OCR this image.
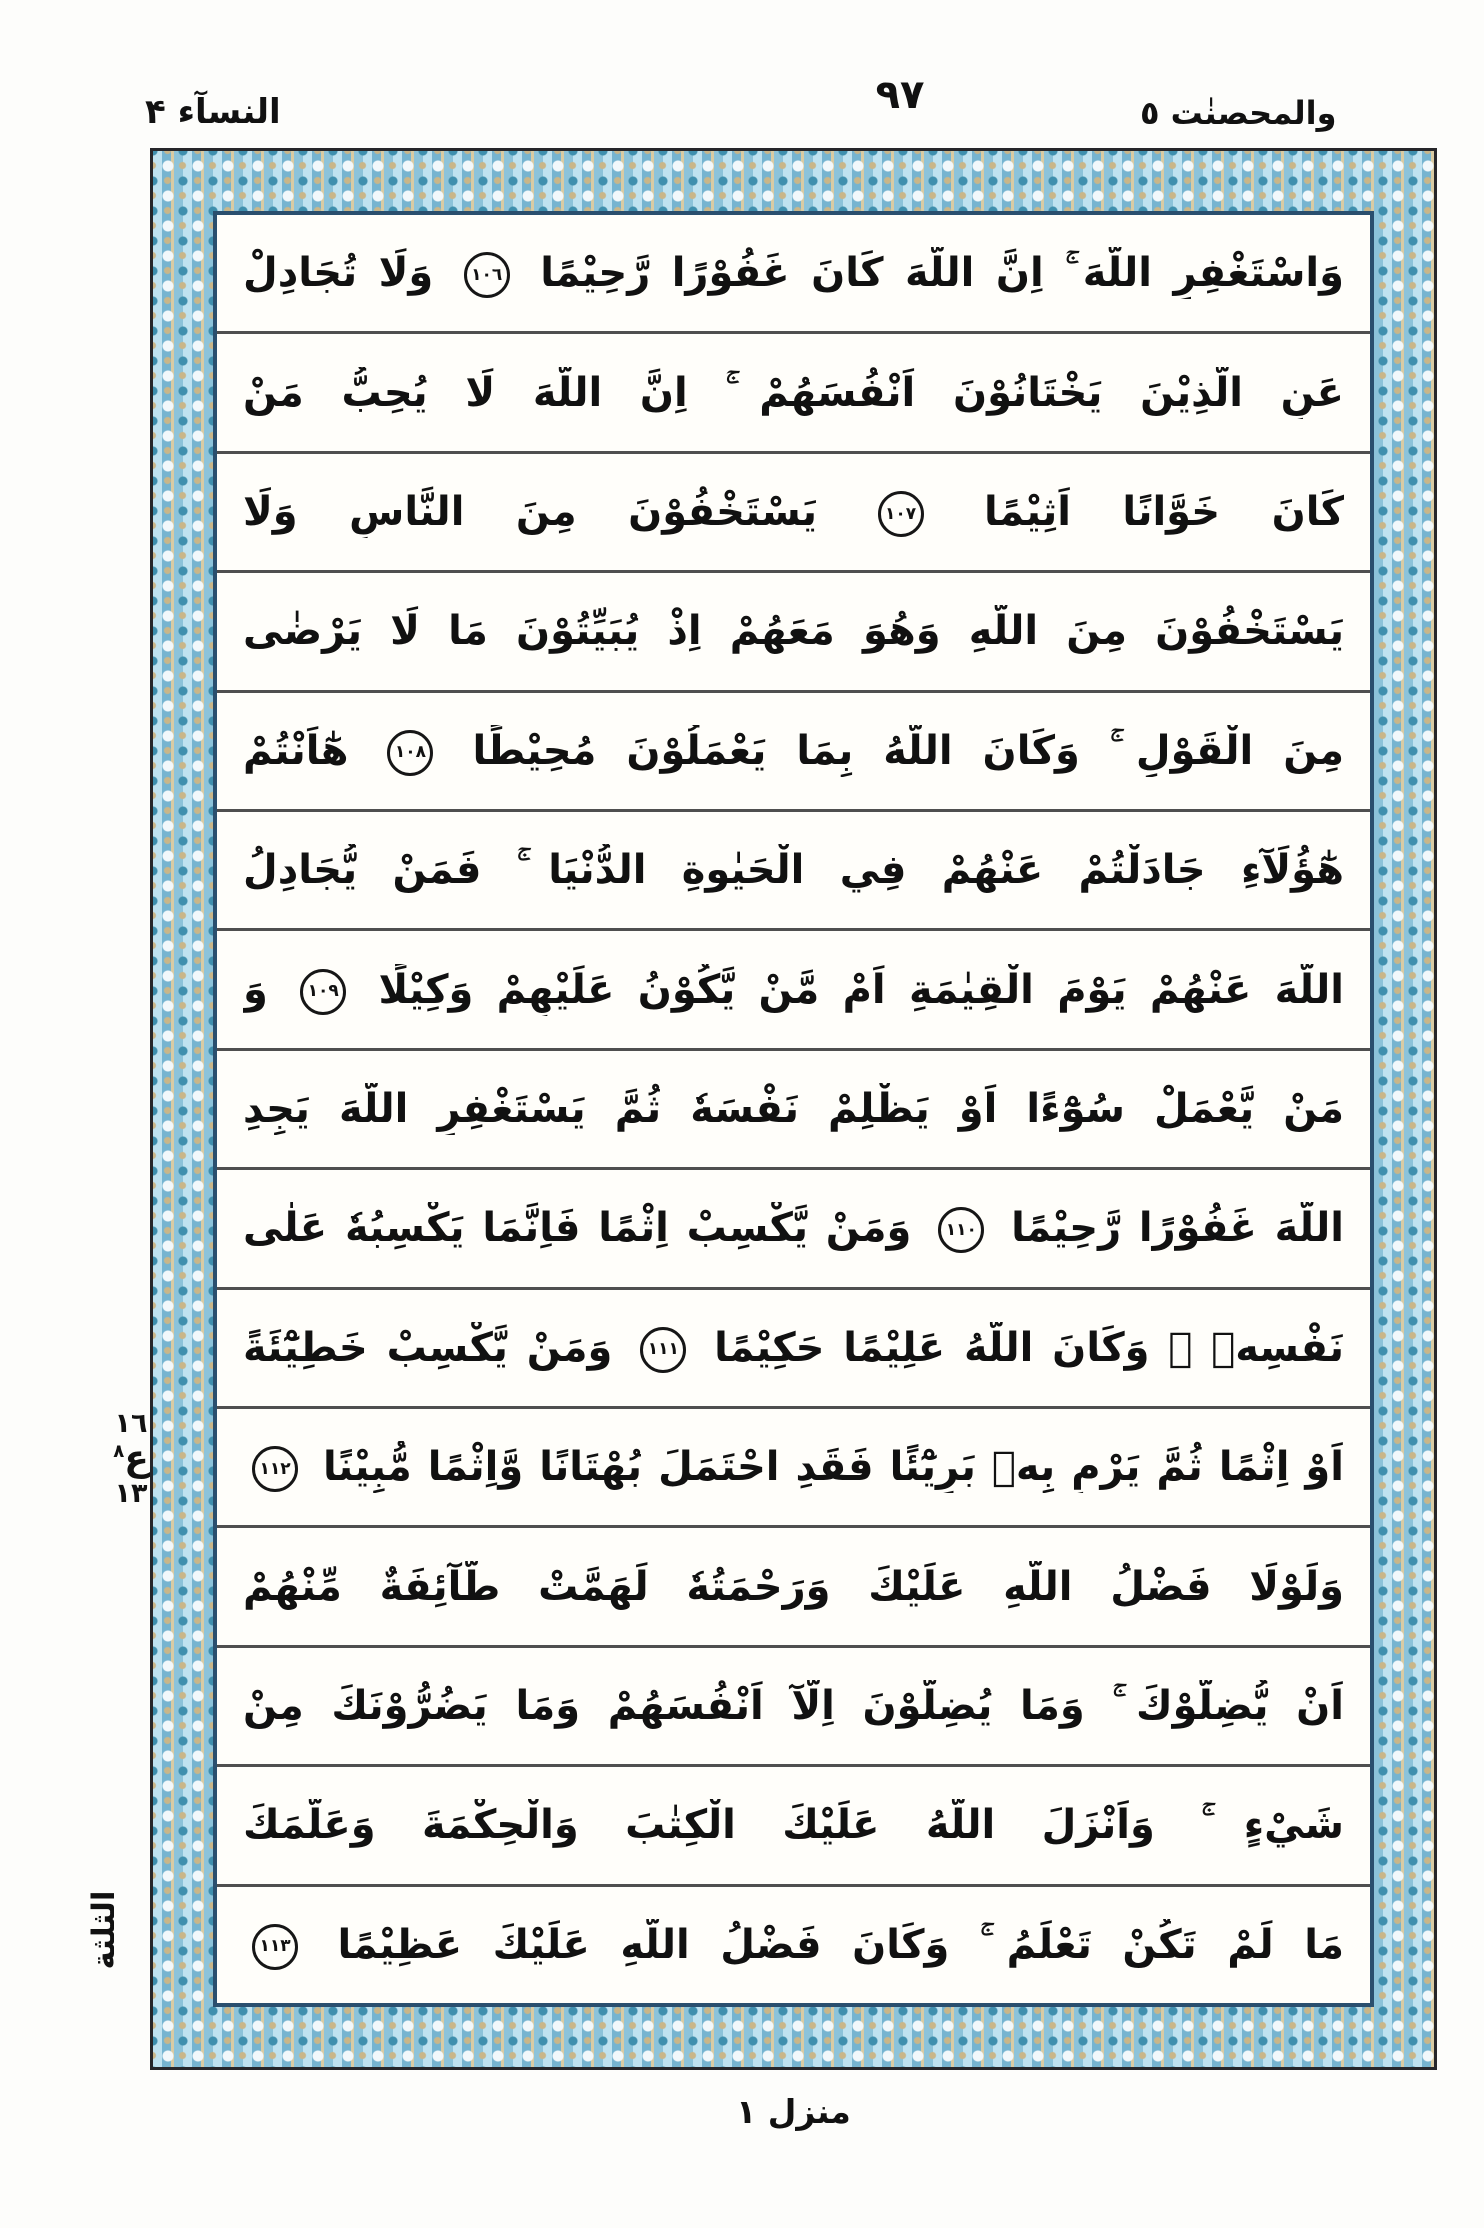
النسآء ۴	٩٧	والمحصنٰت ٥
١٦
ع$^٨$
١٣
الثلثة
وَاسْتَغْفِرِ اللَّهَ ۚ اِنَّ اللَّهَ كَانَ غَفُوْرًا رَّحِيْمًا ١٠٦ وَلَا تُجَادِلْ
عَنِ الَّذِيْنَ يَخْتَانُوْنَ اَنْفُسَهُمْ ۚ اِنَّ اللَّهَ لَا يُحِبُّ مَنْ
كَانَ خَوَّانًا اَثِيْمًا ١٠٧ يَسْتَخْفُوْنَ مِنَ النَّاسِ وَلَا
يَسْتَخْفُوْنَ مِنَ اللَّهِ وَهُوَ مَعَهُمْ اِذْ يُبَيِّتُوْنَ مَا لَا يَرْضٰى
مِنَ الْقَوْلِ ۚ وَكَانَ اللَّهُ بِمَا يَعْمَلُوْنَ مُحِيْطًا ١٠٨ هٰٓاَنْتُمْ
هٰٓؤُلَآءِ جَادَلْتُمْ عَنْهُمْ فِي الْحَيٰوةِ الدُّنْيَا ۚ فَمَنْ يُّجَادِلُ
اللَّهَ عَنْهُمْ يَوْمَ الْقِيٰمَةِ اَمْ مَّنْ يَّكُوْنُ عَلَيْهِمْ وَكِيْلًا ١٠٩ وَ
مَنْ يَّعْمَلْ سُوْٓءًا اَوْ يَظْلِمْ نَفْسَهٗ ثُمَّ يَسْتَغْفِرِ اللَّهَ يَجِدِ
اللَّهَ غَفُوْرًا رَّحِيْمًا ١١٠ وَمَنْ يَّكْسِبْ اِثْمًا فَاِنَّمَا يَكْسِبُهٗ عَلٰى
نَفْسِهٖ ۚ وَكَانَ اللَّهُ عَلِيْمًا حَكِيْمًا ١١١ وَمَنْ يَّكْسِبْ خَطِيْٓئَةً
اَوْ اِثْمًا ثُمَّ يَرْمِ بِهٖ بَرِيْٓئًا فَقَدِ احْتَمَلَ بُهْتَانًا وَّاِثْمًا مُّبِيْنًا ١١٢
وَلَوْلَا فَضْلُ اللَّهِ عَلَيْكَ وَرَحْمَتُهٗ لَهَمَّتْ طَّآئِفَةٌ مِّنْهُمْ
اَنْ يُّضِلُّوْكَ ۚ وَمَا يُضِلُّوْنَ اِلَّآ اَنْفُسَهُمْ وَمَا يَضُرُّوْنَكَ مِنْ
شَيْءٍ ۚ وَاَنْزَلَ اللَّهُ عَلَيْكَ الْكِتٰبَ وَالْحِكْمَةَ وَعَلَّمَكَ
مَا لَمْ تَكُنْ تَعْلَمُ ۚ وَكَانَ فَضْلُ اللَّهِ عَلَيْكَ عَظِيْمًا ١١٣
منزل ١
